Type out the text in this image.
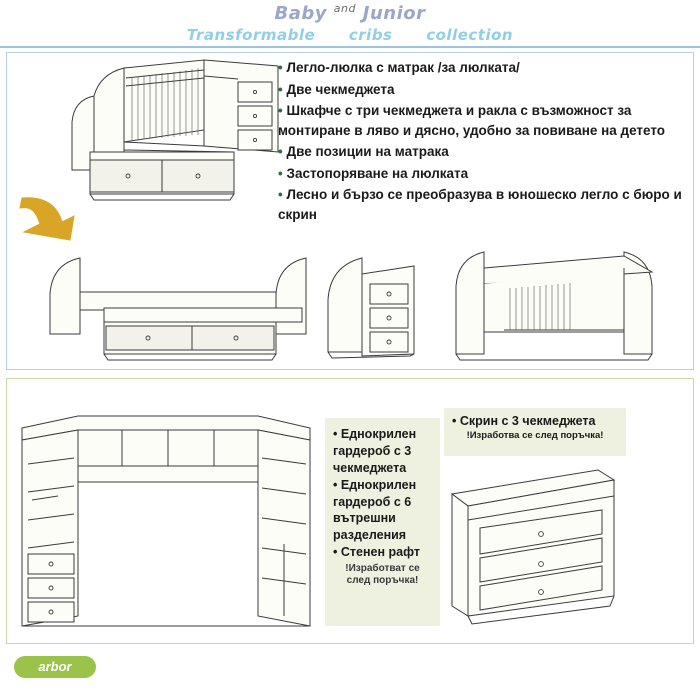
Baby $^{and}$ Junior
Transformable cribs collection
• Легло-люлка с матрак /за люлката/
• Две чекмеджета
• Шкафче с три чекмеджета и ракла с възможност за монтиране в ляво и дясно, удобно за повиване на детето
• Две позиции на матрака
• Застопоряване на люлката
• Лесно и бързо се преобразува в юношеско легло с бюро и скрин
• Еднокрилен гардероб с 3 чекмеджета
• Еднокрилен гардероб с 6 вътрешни разделения
• Стенен рафт
!Изработват се след поръчка!
• Скрин с 3 чекмеджета
!Изработва се след поръчка!
arbor
